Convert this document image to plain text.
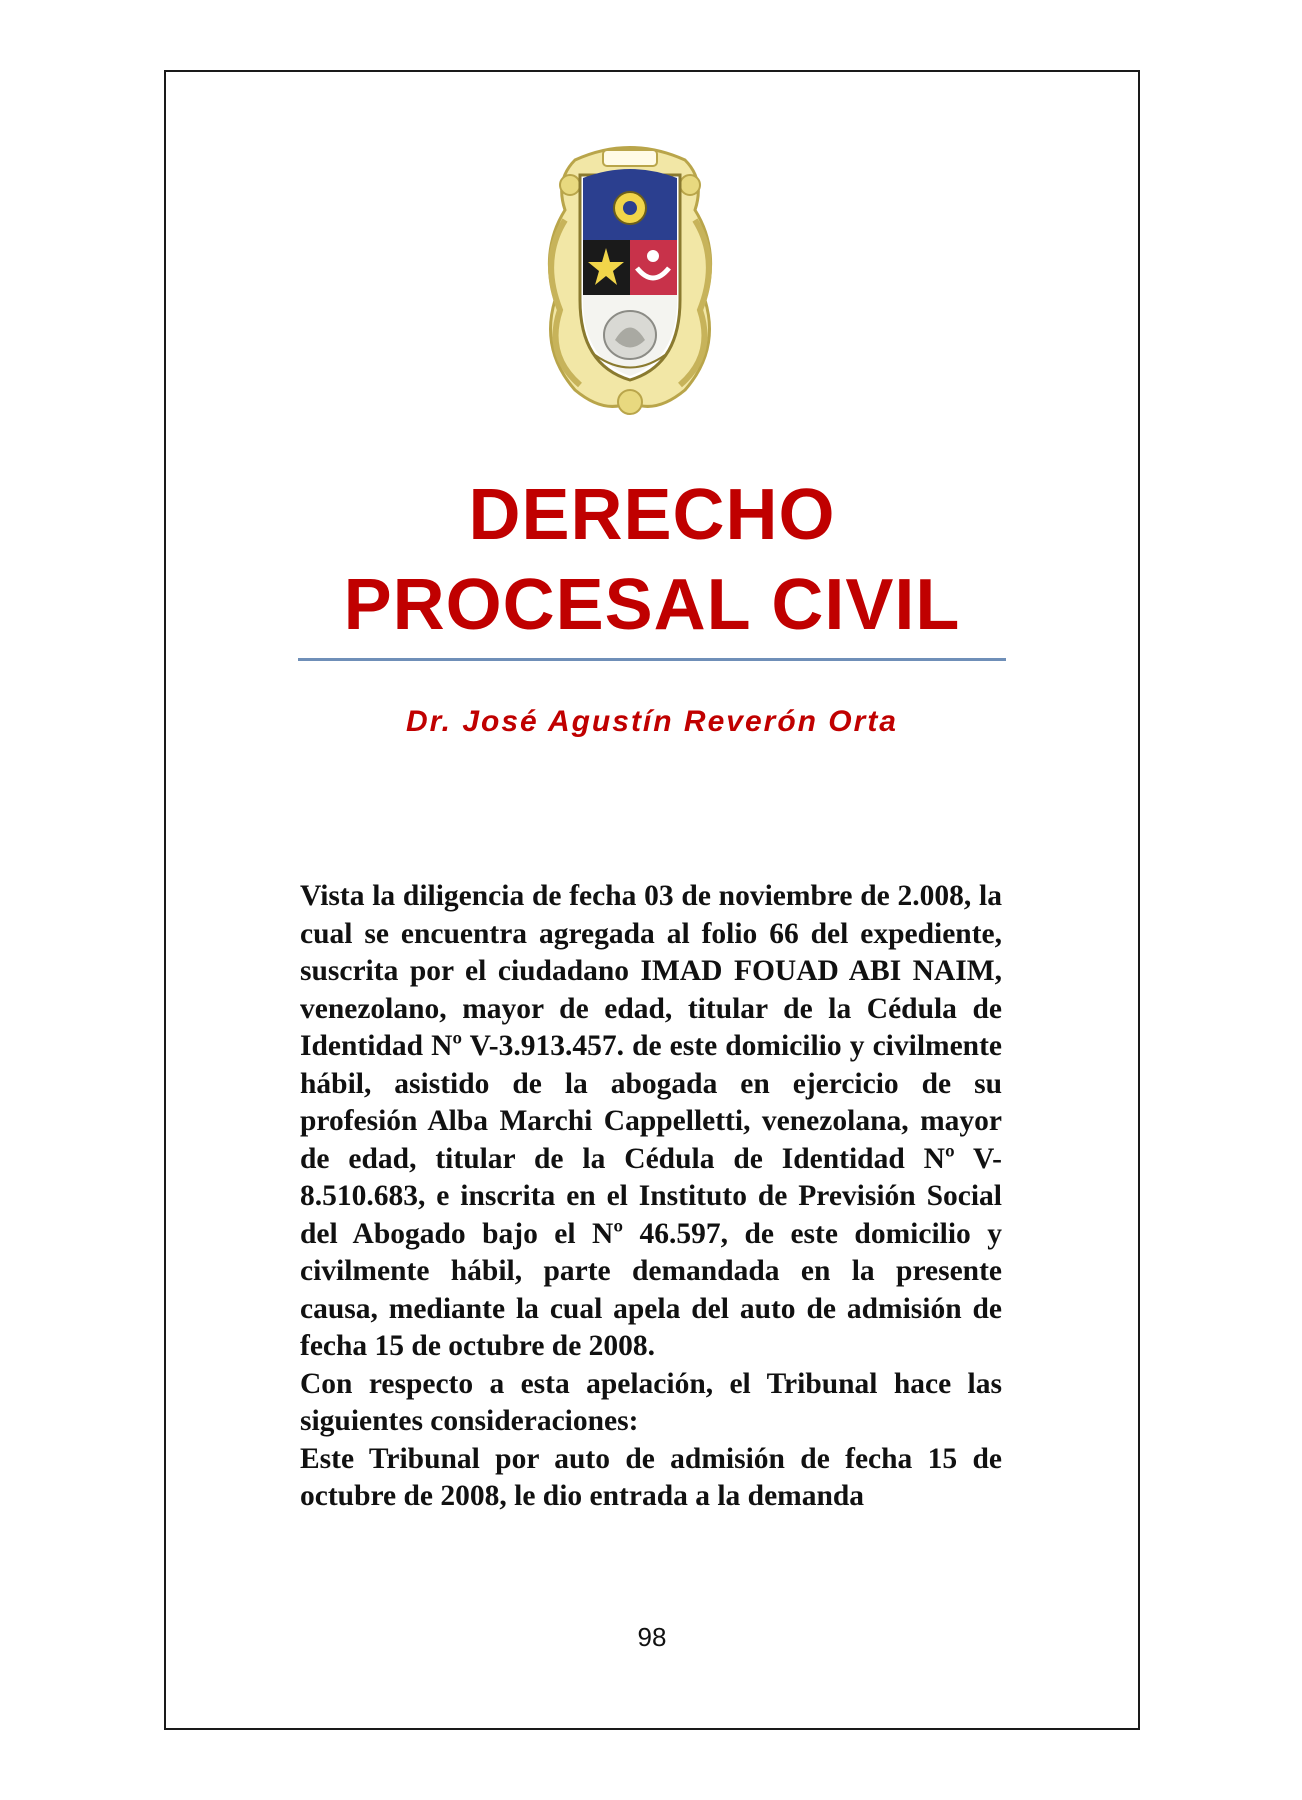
DERECHO
PROCESAL CIVIL
Dr. José Agustín Reverón Orta

Vista la diligencia de fecha 03 de noviembre de 2.008, la cual se encuentra agregada al folio 66 del expediente, suscrita por el ciudadano IMAD FOUAD ABI NAIM, venezolano, mayor de edad, titular de la Cédula de Identidad Nº V-3.913.457. de este domicilio y civilmente hábil, asistido de la abogada en ejercicio de su profesión Alba Marchi Cappelletti, venezolana, mayor de edad, titular de la Cédula de Identidad Nº V-8.510.683, e inscrita en el Instituto de Previsión Social del Abogado bajo el Nº 46.597, de este domicilio y civilmente hábil, parte demandada en la presente causa, mediante la cual apela del auto de admisión de fecha 15 de octubre de 2008.

Con respecto a esta apelación, el Tribunal hace las siguientes consideraciones:

Este Tribunal por auto de admisión de fecha 15 de octubre de 2008, le dio entrada a la demanda

98
